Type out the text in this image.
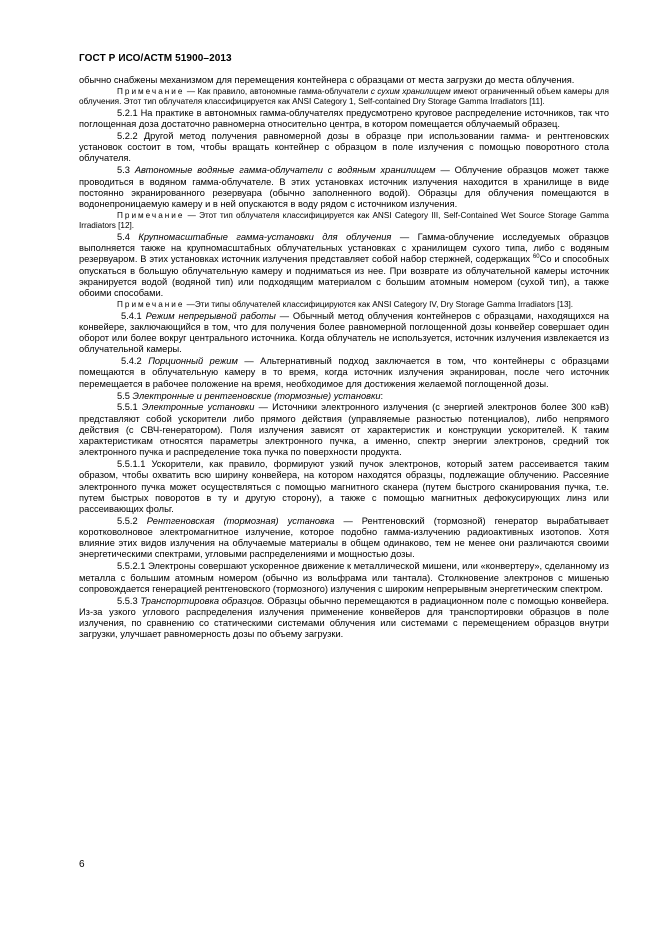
ГОСТ Р ИСО/АСТМ 51900–2013

обычно снабжены механизмом для перемещения контейнера с образцами от места загрузки до места облучения.

Примечание — Как правило, автономные гамма-облучатели с сухим хранилищем имеют ограниченный объем камеры для облучения. Этот тип облучателя классифицируется как ANSI Category 1, Self-contained Dry Storage Gamma Irradiators [11].

5.2.1 На практике в автономных гамма-облучателях предусмотрено круговое распределение источников, так что поглощенная доза достаточно равномерна относительно центра, в котором помещается облучаемый образец.

5.2.2 Другой метод получения равномерной дозы в образце при использовании гамма- и рентгеновских установок состоит в том, чтобы вращать контейнер с образцом в поле излучения с помощью поворотного стола облучателя.

5.3 Автономные водяные гамма-облучатели с водяным хранилищем — Облучение образцов может также проводиться в водяном гамма-облучателе. В этих установках источник излучения находится в хранилище в виде постоянно экранированного резервуара (обычно заполненного водой). Образцы для облучения помещаются в водонепроницаемую камеру и в ней опускаются в воду рядом с источником излучения.

Примечание — Этот тип облучателя классифицируется как ANSI Category III, Self-Contained Wet Source Storage Gamma Irradiators [12].

5.4 Крупномасштабные гамма-установки для облучения — Гамма-облучение исследуемых образцов выполняется также на крупномасштабных облучательных установках с хранилищем сухого типа, либо с водяным резервуаром. В этих установках источник излучения представляет собой набор стержней, содержащих $^{60}$Co и способных опускаться в большую облучательную камеру и подниматься из нее. При возврате из облучательной камеры источник экранируется водой (водяной тип) или подходящим материалом с большим атомным номером (сухой тип), а также обоими способами.

Примечание —Эти типы облучателей классифицируются как ANSI Category IV, Dry Storage Gamma Irradiators [13].

5.4.1 Режим непрерывной работы — Обычный метод облучения контейнеров с образцами, находящихся на конвейере, заключающийся в том, что для получения более равномерной поглощенной дозы конвейер совершает один оборот или более вокруг центрального источника. Когда облучатель не используется, источник излучения извлекается из облучательной камеры.

5.4.2 Порционный режим — Альтернативный подход заключается в том, что контейнеры с образцами помещаются в облучательную камеру в то время, когда источник излучения экранирован, после чего источник перемещается в рабочее положение на время, необходимое для достижения желаемой поглощенной дозы.

5.5 Электронные и рентгеновские (тормозные) установки:

5.5.1 Электронные установки — Источники электронного излучения (с энергией электронов более 300 кэВ) представляют собой ускорители либо прямого действия (управляемые разностью потенциалов), либо непрямого действия (с СВЧ-генератором). Поля излучения зависят от характеристик и конструкции ускорителей. К таким характеристикам относятся параметры электронного пучка, а именно, спектр энергии электронов, средний ток электронного пучка и распределение тока пучка по поверхности продукта.

5.5.1.1 Ускорители, как правило, формируют узкий пучок электронов, который затем рассеивается таким образом, чтобы охватить всю ширину конвейера, на котором находятся образцы, подлежащие облучению. Рассеяние электронного пучка может осуществляться с помощью магнитного сканера (путем быстрого сканирования пучка, т.е. путем быстрых поворотов в ту и другую сторону), а также с помощью магнитных дефокусирующих линз или рассеивающих фольг.

5.5.2 Рентгеновская (тормозная) установка — Рентгеновский (тормозной) генератор вырабатывает коротковолновое электромагнитное излучение, которое подобно гамма-излучению радиоактивных изотопов. Хотя влияние этих видов излучения на облучаемые материалы в общем одинаково, тем не менее они различаются своими энергетическими спектрами, угловыми распределениями и мощностью дозы.

5.5.2.1 Электроны совершают ускоренное движение к металлической мишени, или «конвертеру», сделанному из металла с большим атомным номером (обычно из вольфрама или тантала). Столкновение электронов с мишенью сопровождается генерацией рентгеновского (тормозного) излучения с широким непрерывным энергетическим спектром.

5.5.3 Транспортировка образцов. Образцы обычно перемещаются в радиационном поле с помощью конвейера. Из-за узкого углового распределения излучения применение конвейеров для транспортировки образцов в поле излучения, по сравнению со статическими системами облучения или системами с перемещением образцов внутри загрузки, улучшает равномерность дозы по объему загрузки.

6
